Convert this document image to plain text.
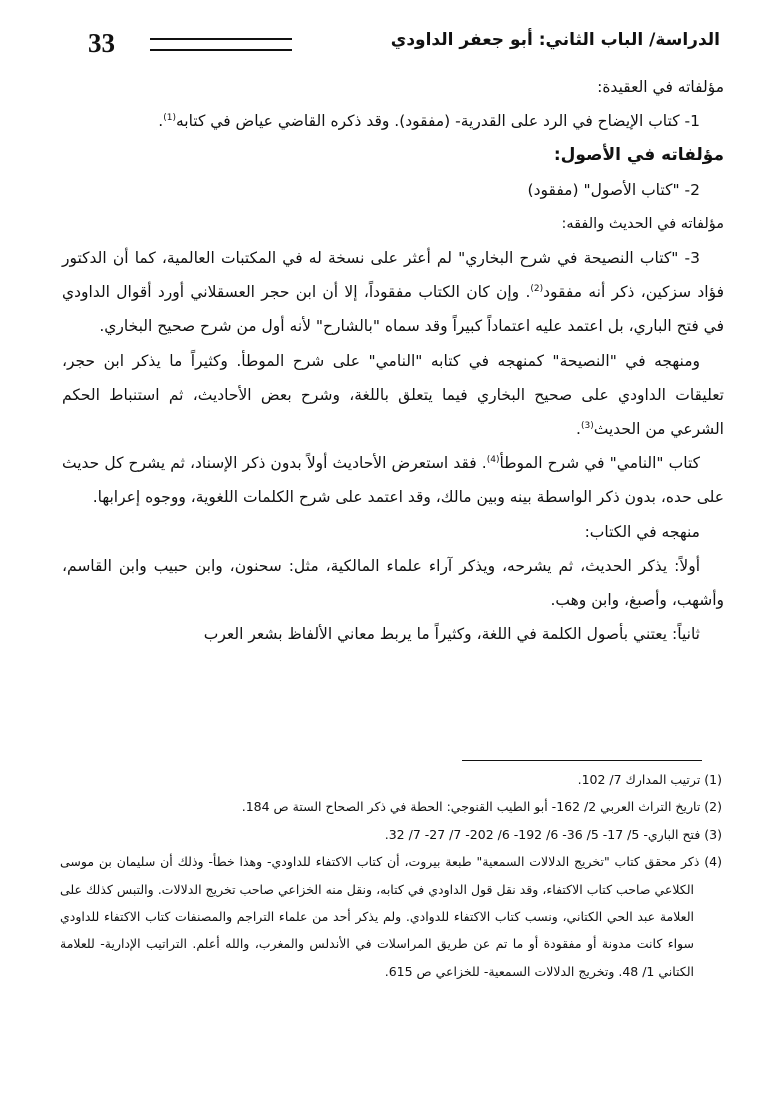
33	الدراسة/ الباب الثاني: أبو جعفر الداودي

مؤلفاته في العقيدة:

1- كتاب الإيضاح في الرد على القدرية- (مفقود). وقد ذكره القاضي عياض في كتابه$^{(1)}$.

مؤلفاته في الأصول:

2- "كتاب الأصول" (مفقود)

مؤلفاته في الحديث والفقه:

3- "كتاب النصيحة في شرح البخاري" لم أعثر على نسخة له في المكتبات العالمية، كما أن الدكتور فؤاد سزكين، ذكر أنه مفقود$^{(2)}$. وإن كان الكتاب مفقوداً، إلا أن ابن حجر العسقلاني أورد أقوال الداودي في فتح الباري، بل اعتمد عليه اعتماداً كبيراً وقد سماه "بالشارح" لأنه أول من شرح صحيح البخاري.

ومنهجه في "النصيحة" كمنهجه في كتابه "النامي" على شرح الموطأ. وكثيراً ما يذكر ابن حجر، تعليقات الداودي على صحيح البخاري فيما يتعلق باللغة، وشرح بعض الأحاديث، ثم استنباط الحكم الشرعي من الحديث$^{(3)}$.

كتاب "النامي" في شرح الموطأ$^{(4)}$. فقد استعرض الأحاديث أولاً بدون ذكر الإسناد، ثم يشرح كل حديث على حده، بدون ذكر الواسطة بينه وبين مالك، وقد اعتمد على شرح الكلمات اللغوية، ووجوه إعرابها.

منهجه في الكتاب:

أولاً: يذكر الحديث، ثم يشرحه، ويذكر آراء علماء المالكية، مثل: سحنون، وابن حبيب وابن القاسم، وأشهب، وأصبغ، وابن وهب.

ثانياً: يعتني بأصول الكلمة في اللغة، وكثيراً ما يربط معاني الألفاظ بشعر العرب

(1) ترتيب المدارك 7/ 102.

(2) تاريخ التراث العربي 2/ 162- أبو الطيب القنوجي: الحطة في ذكر الصحاح الستة ص 184.

(3) فتح الباري- 5/ 17- 5/ 36- 6/ 192- 6/ 202- 7/ 27- 7/ 32.

(4) ذكر محقق كتاب "تخريج الدلالات السمعية" طبعة بيروت، أن كتاب الاكتفاء للداودي- وهذا خطأ- وذلك أن سليمان بن موسى الكلاعي صاحب كتاب الاكتفاء، وقد نقل قول الداودي في كتابه، ونقل منه الخزاعي صاحب تخريج الدلالات. والتبس كذلك على العلامة عبد الحي الكتاني، ونسب كتاب الاكتفاء للدوادي. ولم يذكر أحد من علماء التراجم والمصنفات كتاب الاكتفاء للداودي سواء كانت مدونة أو مفقودة أو ما تم عن طريق المراسلات في الأندلس والمغرب، والله أعلم. التراتيب الإدارية- للعلامة الكتاني 1/ 48. وتخريج الدلالات السمعية- للخزاعي ص 615.
